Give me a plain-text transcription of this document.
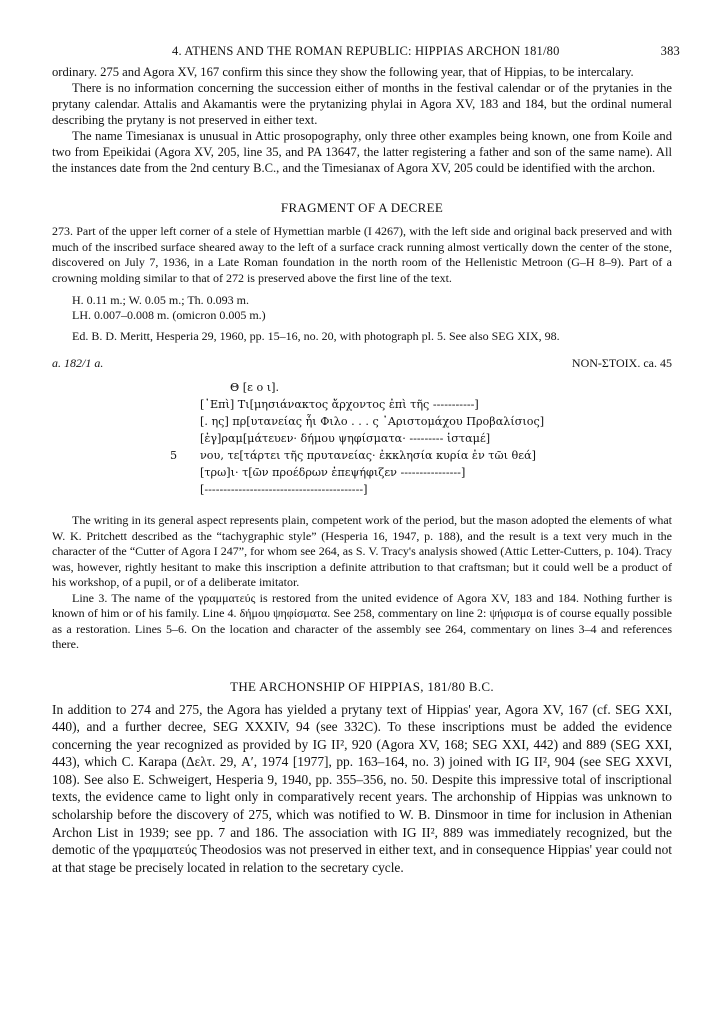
4. ATHENS AND THE ROMAN REPUBLIC: HIPPIAS ARCHON 181/80	383

ordinary. 275 and Agora XV, 167 confirm this since they show the following year, that of Hippias, to be intercalary.

There is no information concerning the succession either of months in the festival calendar or of the prytanies in the prytany calendar. Attalis and Akamantis were the prytanizing phylai in Agora XV, 183 and 184, but the ordinal numeral describing the prytany is not preserved in either text.

The name Timesianax is unusual in Attic prosopography, only three other examples being known, one from Koile and two from Epeikidai (Agora XV, 205, line 35, and PA 13647, the latter registering a father and son of the same name). All the instances date from the 2nd century B.C., and the Timesianax of Agora XV, 205 could be identified with the archon.

FRAGMENT OF A DECREE

273. Part of the upper left corner of a stele of Hymettian marble (I 4267), with the left side and original back preserved and with much of the inscribed surface sheared away to the left of a surface crack running almost vertically down the center of the stone, discovered on July 7, 1936, in a Late Roman foundation in the north room of the Hellenistic Metroon (G–H 8–9). Part of a crowning molding similar to that of 272 is preserved above the first line of the text.

H. 0.11 m.; W. 0.05 m.; Th. 0.093 m.
LH. 0.007–0.008 m. (omicron 0.005 m.)
Ed. B. D. Meritt, Hesperia 29, 1960, pp. 15–16, no. 20, with photograph pl. 5. See also SEG XIX, 98.
a. 182/1 a.	NON-ΣΤΟΙΧ. ca. 45
Θ [ε ο ι].
[᾿Επὶ] Τι[μησιάνακτος ἄρχοντος ἐπὶ τῆς -----------]
[. ης] πρ[υτανείας ἧι Φιλο . . . ς ᾿Αριστομάχου Προβαλίσιος]
[ἐγ]ραμ[μάτευεν· δήμου ψηφίσματα· --------- ἱσταμέ]
5 νου, τε[τάρτει τῆς πρυτανείας· ἐκκλησία κυρία ἐν τῶι θεά]
[τρω]ι· τ[ῶν προέδρων ἐπεψήφιζεν ----------------]
[------------------------------------------]

The writing in its general aspect represents plain, competent work of the period, but the mason adopted the elements of what W. K. Pritchett described as the “tachygraphic style” (Hesperia 16, 1947, p. 188), and the result is a text very much in the character of the “Cutter of Agora I 247”, for whom see 264, as S. V. Tracy's analysis showed (Attic Letter-Cutters, p. 104). Tracy was, however, rightly hesitant to make this inscription a definite attribution to that craftsman; but it could well be a product of his workshop, of a pupil, or of a deliberate imitator.

Line 3. The name of the γραμματεύς is restored from the united evidence of Agora XV, 183 and 184. Nothing further is known of him or of his family. Line 4. δήμου ψηφίσματα. See 258, commentary on line 2: ψήφισμα is of course equally possible as a restoration. Lines 5–6. On the location and character of the assembly see 264, commentary on lines 3–4 and references there.

THE ARCHONSHIP OF HIPPIAS, 181/80 B.C.

In addition to 274 and 275, the Agora has yielded a prytany text of Hippias' year, Agora XV, 167 (cf. SEG XXI, 440), and a further decree, SEG XXXIV, 94 (see 332C). To these inscriptions must be added the evidence concerning the year recognized as provided by IG II², 920 (Agora XV, 168; SEG XXI, 442) and 889 (SEG XXI, 443), which C. Karapa (Δελτ. 29, A′, 1974 [1977], pp. 163–164, no. 3) joined with IG II², 904 (see SEG XXVI, 108). See also E. Schweigert, Hesperia 9, 1940, pp. 355–356, no. 50. Despite this impressive total of inscriptional texts, the evidence came to light only in comparatively recent years. The archonship of Hippias was unknown to scholarship before the discovery of 275, which was notified to W. B. Dinsmoor in time for inclusion in Athenian Archon List in 1939; see pp. 7 and 186. The association with IG II², 889 was immediately recognized, but the demotic of the γραμματεύς Theodosios was not preserved in either text, and in consequence Hippias' year could not at that stage be precisely located in relation to the secretary cycle.
